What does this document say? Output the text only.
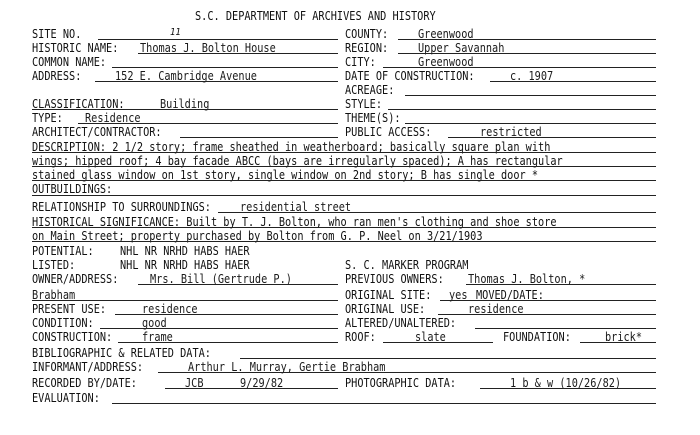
S.C. DEPARTMENT OF ARCHIVES AND HISTORY
SITE NO.	11	COUNTY: Greenwood
HISTORIC NAME: Thomas J. Bolton House	REGION: Upper Savannah
COMMON NAME:	CITY:	Greenwood
ADDRESS:	152 E. Cambridge Avenue	DATE OF CONSTRUCTION:	c. 1907
ACREAGE:
CLASSIFICATION:	Building	STYLE:
TYPE: Residence	THEME(S):
ARCHITECT/CONTRACTOR:	PUBLIC ACCESS:	restricted
DESCRIPTION: 2 1/2 story; frame sheathed in weatherboard; basically square plan with
wings; hipped roof; 4 bay facade ABCC (bays are irregularly spaced); A has rectangular
stained glass window on 1st story, single window on 2nd story; B has single door *
OUTBUILDINGS:
RELATIONSHIP TO SURROUNDINGS: residential street
HISTORICAL SIGNIFICANCE: Built by T. J. Bolton, who ran men's clothing and shoe store
on Main Street; property purchased by Bolton from G. P. Neel on 3/21/1903
POTENTIAL: NHL NR NRHD HABS HAER
LISTED:	NHL NR NRHD HABS HAER	S. C. MARKER PROGRAM
OWNER/ADDRESS:	Mrs. Bill (Gertrude P.)	PREVIOUS OWNERS: Thomas J. Bolton, *
Brabham	ORIGINAL SITE: yes MOVED/DATE:
PRESENT USE:	residence	ORIGINAL USE:	residence
CONDITION:	good	ALTERED/UNALTERED:
CONSTRUCTION: frame	ROOF:	slate	FOUNDATION:	brick*
BIBLIOGRAPHIC & RELATED DATA:
INFORMANT/ADDRESS:	Arthur L. Murray, Gertie Brabham
RECORDED BY/DATE:	JCB	9/29/82	PHOTOGRAPHIC DATA:	1 b & w (10/26/82)
EVALUATION:
